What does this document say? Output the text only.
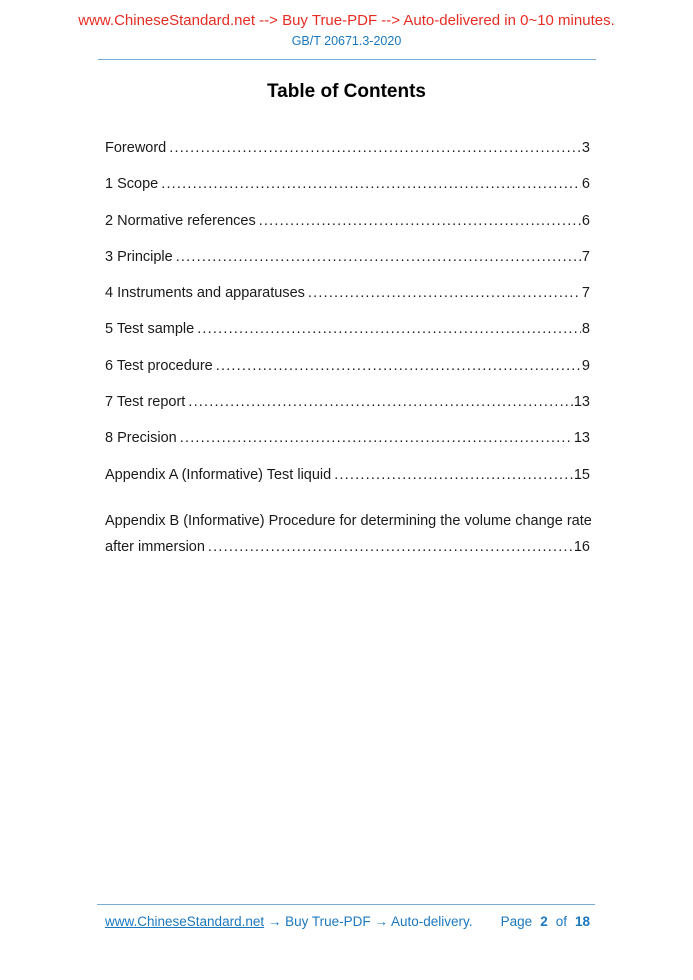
www.ChineseStandard.net --> Buy True-PDF --> Auto-delivered in 0~10 minutes.
GB/T 20671.3-2020
Table of Contents
Foreword .....	3
1 Scope .....	6
2 Normative references .....	6
3 Principle .....	7
4 Instruments and apparatuses .....	7
5 Test sample .....	8
6 Test procedure .....	9
7 Test report .....	13
8 Precision .....	13
Appendix A (Informative) Test liquid .....	15
Appendix B (Informative) Procedure for determining the volume change rate
after immersion .....	16
www.ChineseStandard.net → Buy True-PDF → Auto-delivery. Page 2 of 18
